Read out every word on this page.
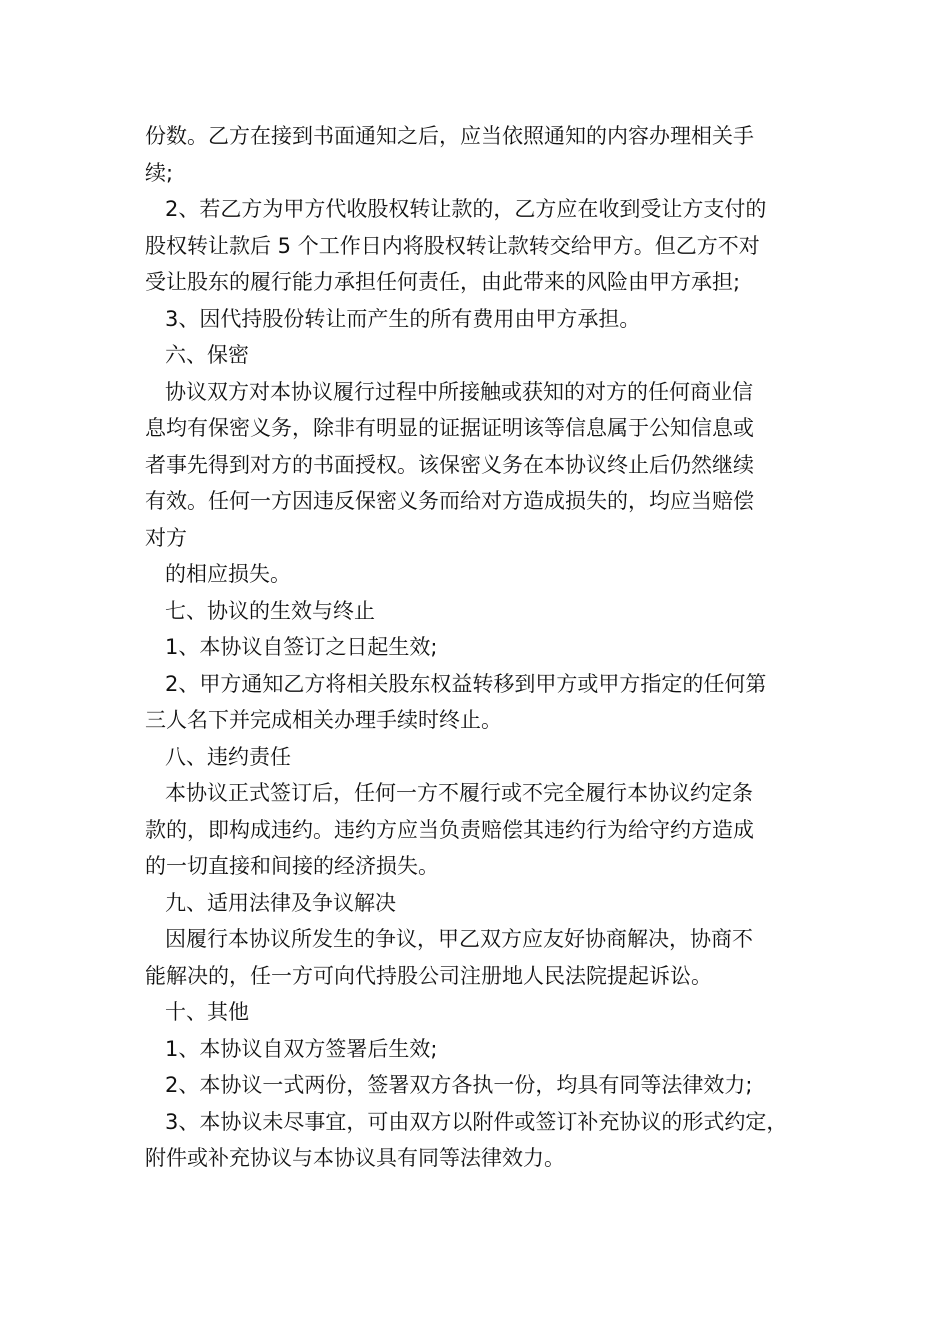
份数。乙方在接到书面通知之后，应当依照通知的内容办理相关手

续;

2、若乙方为甲方代收股权转让款的，乙方应在收到受让方支付的

股权转让款后 5 个工作日内将股权转让款转交给甲方。但乙方不对

受让股东的履行能力承担任何责任，由此带来的风险由甲方承担;

3、因代持股份转让而产生的所有费用由甲方承担。

六、保密

协议双方对本协议履行过程中所接触或获知的对方的任何商业信

息均有保密义务，除非有明显的证据证明该等信息属于公知信息或

者事先得到对方的书面授权。该保密义务在本协议终止后仍然继续

有效。任何一方因违反保密义务而给对方造成损失的，均应当赔偿

对方

的相应损失。

七、协议的生效与终止

1、本协议自签订之日起生效;

2、甲方通知乙方将相关股东权益转移到甲方或甲方指定的任何第

三人名下并完成相关办理手续时终止。

八、违约责任

本协议正式签订后，任何一方不履行或不完全履行本协议约定条

款的，即构成违约。违约方应当负责赔偿其违约行为给守约方造成

的一切直接和间接的经济损失。

九、适用法律及争议解决

因履行本协议所发生的争议，甲乙双方应友好协商解决，协商不

能解决的，任一方可向代持股公司注册地人民法院提起诉讼。

十、其他

1、本协议自双方签署后生效;

2、本协议一式两份，签署双方各执一份，均具有同等法律效力;

3、本协议未尽事宜，可由双方以附件或签订补充协议的形式约定，

附件或补充协议与本协议具有同等法律效力。
